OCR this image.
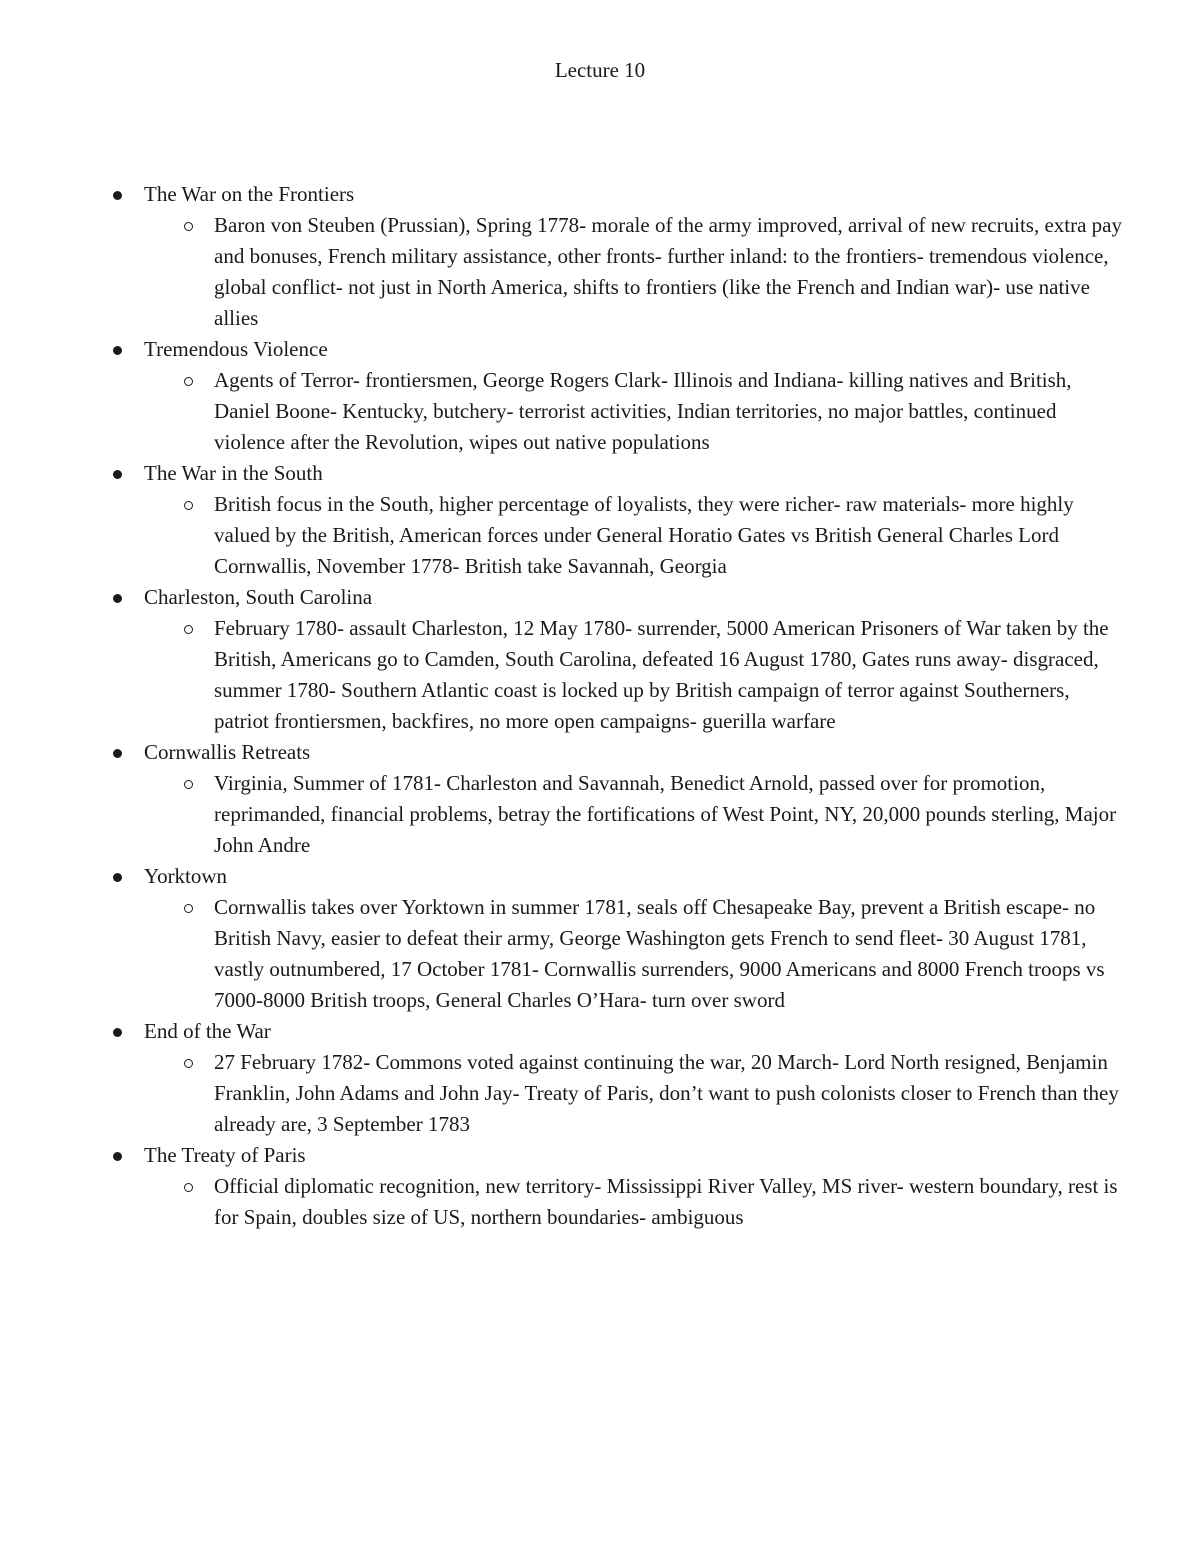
Lecture 10
The War on the Frontiers
Baron von Steuben (Prussian), Spring 1778- morale of the army improved, arrival of new recruits, extra pay and bonuses, French military assistance, other fronts- further inland: to the frontiers- tremendous violence, global conflict- not just in North America, shifts to frontiers (like the French and Indian war)- use native allies
Tremendous Violence
Agents of Terror- frontiersmen, George Rogers Clark- Illinois and Indiana- killing natives and British, Daniel Boone- Kentucky, butchery- terrorist activities, Indian territories, no major battles, continued violence after the Revolution, wipes out native populations
The War in the South
British focus in the South, higher percentage of loyalists, they were richer- raw materials- more highly valued by the British, American forces under General Horatio Gates vs British General Charles Lord Cornwallis, November 1778- British take Savannah, Georgia
Charleston, South Carolina
February 1780- assault Charleston, 12 May 1780- surrender, 5000 American Prisoners of War taken by the British, Americans go to Camden, South Carolina, defeated 16 August 1780, Gates runs away- disgraced, summer 1780- Southern Atlantic coast is locked up by British campaign of terror against Southerners, patriot frontiersmen, backfires, no more open campaigns- guerilla warfare
Cornwallis Retreats
Virginia, Summer of 1781- Charleston and Savannah, Benedict Arnold, passed over for promotion, reprimanded, financial problems, betray the fortifications of West Point, NY, 20,000 pounds sterling, Major John Andre
Yorktown
Cornwallis takes over Yorktown in summer 1781, seals off Chesapeake Bay, prevent a British escape- no British Navy, easier to defeat their army, George Washington gets French to send fleet- 30 August 1781, vastly outnumbered, 17 October 1781- Cornwallis surrenders, 9000 Americans and 8000 French troops vs 7000-8000 British troops, General Charles O’Hara- turn over sword
End of the War
27 February 1782- Commons voted against continuing the war, 20 March- Lord North resigned, Benjamin Franklin, John Adams and John Jay- Treaty of Paris, don’t want to push colonists closer to French than they already are, 3 September 1783
The Treaty of Paris
Official diplomatic recognition, new territory- Mississippi River Valley, MS river- western boundary, rest is for Spain, doubles size of US, northern boundaries- ambiguous
